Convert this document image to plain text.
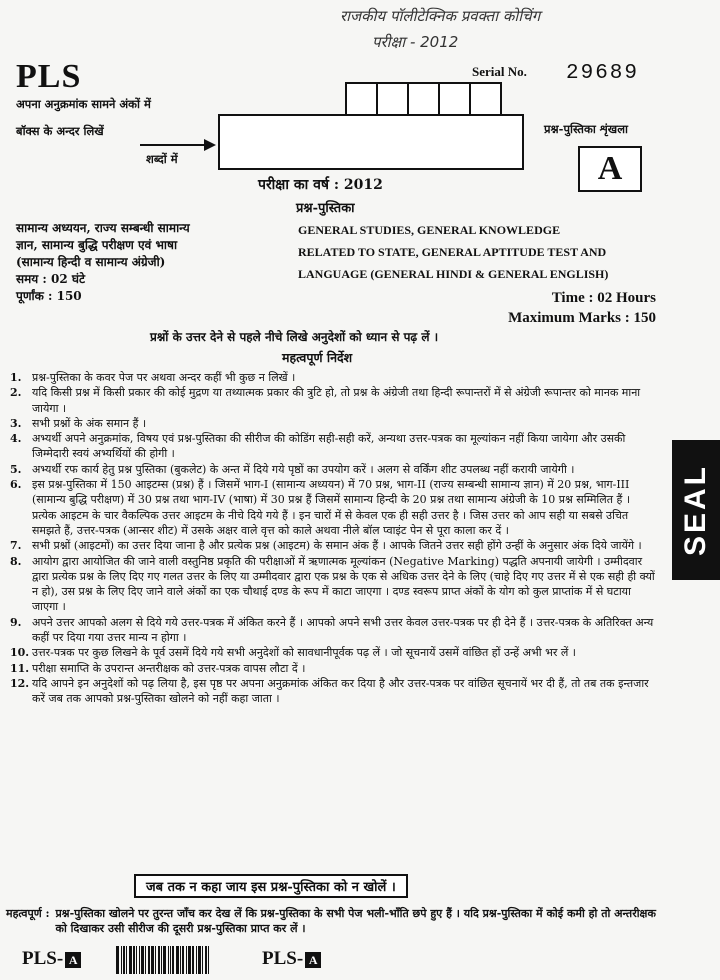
राजकीय पॉलीटेक्निक प्रवक्ता कोचिंग
परीक्षा - 2012
PLS
अपना अनुक्रमांक सामने अंकों में
बॉक्स के अन्दर लिखें
Serial No. 29689
शब्दों में
प्रश्न-पुस्तिका शृंखला
A
परीक्षा का वर्ष : 2012
प्रश्न-पुस्तिका
सामान्य अध्ययन, राज्य सम्बन्धी सामान्य
ज्ञान, सामान्य बुद्धि परीक्षण एवं भाषा
(सामान्य हिन्दी व सामान्य अंग्रेजी)
समय : 02 घंटे
पूर्णांक : 150
GENERAL STUDIES, GENERAL KNOWLEDGE
RELATED TO STATE, GENERAL APTITUDE TEST AND
LANGUAGE (GENERAL HINDI & GENERAL ENGLISH)
Time : 02 Hours
Maximum Marks : 150
प्रश्नों के उत्तर देने से पहले नीचे लिखे अनुदेशों को ध्यान से पढ़ लें ।
महत्वपूर्ण निर्देश
1. प्रश्न-पुस्तिका के कवर पेज पर अथवा अन्दर कहीं भी कुछ न लिखें ।
2. यदि किसी प्रश्न में किसी प्रकार की कोई मुद्रण या तथ्यात्मक प्रकार की त्रुटि हो, तो प्रश्न के अंग्रेजी तथा हिन्दी रूपान्तरों में से अंग्रेजी रूपान्तर को मानक माना जायेगा ।
3. सभी प्रश्नों के अंक समान हैं ।
4. अभ्यर्थी अपने अनुक्रमांक, विषय एवं प्रश्न-पुस्तिका की सीरीज की कोडिंग सही-सही करें, अन्यथा उत्तर-पत्रक का मूल्यांकन नहीं किया जायेगा और उसकी जिम्मेदारी स्वयं अभ्यर्थियों की होगी ।
5. अभ्यर्थी रफ कार्य हेतु प्रश्न पुस्तिका (बुकलेट) के अन्त में दिये गये पृष्ठों का उपयोग करें । अलग से वर्किंग शीट उपलब्ध नहीं करायी जायेगी ।
6. इस प्रश्न-पुस्तिका में 150 आइटम्स (प्रश्न) हैं । जिसमें भाग-I (सामान्य अध्ययन) में 70 प्रश्न, भाग-II (राज्य सम्बन्धी सामान्य ज्ञान) में 20 प्रश्न, भाग-III (सामान्य बुद्धि परीक्षण) में 30 प्रश्न तथा भाग-IV (भाषा) में 30 प्रश्न हैं जिसमें सामान्य हिन्दी के 20 प्रश्न तथा सामान्य अंग्रेजी के 10 प्रश्न सम्मिलित हैं । प्रत्येक आइटम के चार वैकल्पिक उत्तर आइटम के नीचे दिये गये हैं । इन चारों में से केवल एक ही सही उत्तर है । जिस उत्तर को आप सही या सबसे उचित समझते हैं, उत्तर-पत्रक (आन्सर शीट) में उसके अक्षर वाले वृत्त को काले अथवा नीले बॉल प्वाइंट पेन से पूरा काला कर दें ।
7. सभी प्रश्नों (आइटमों) का उत्तर दिया जाना है और प्रत्येक प्रश्न (आइटम) के समान अंक हैं । आपके जितने उत्तर सही होंगे उन्हीं के अनुसार अंक दिये जायेंगे ।
8. आयोग द्वारा आयोजित की जाने वाली वस्तुनिष्ठ प्रकृति की परीक्षाओं में ऋणात्मक मूल्यांकन (Negative Marking) पद्धति अपनायी जायेगी । उम्मीदवार द्वारा प्रत्येक प्रश्न के लिए दिए गए गलत उत्तर के लिए या उम्मीदवार द्वारा एक प्रश्न के एक से अधिक उत्तर देने के लिए (चाहे दिए गए उत्तर में से एक सही ही क्यों न हो), उस प्रश्न के लिए दिए जाने वाले अंकों का एक चौथाई दण्ड के रूप में काटा जाएगा । दण्ड स्वरूप प्राप्त अंकों के योग को कुल प्राप्तांक में से घटाया जाएगा ।
9. अपने उत्तर आपको अलग से दिये गये उत्तर-पत्रक में अंकित करने हैं । आपको अपने सभी उत्तर केवल उत्तर-पत्रक पर ही देने हैं । उत्तर-पत्रक के अतिरिक्त अन्य कहीं पर दिया गया उत्तर मान्य न होगा ।
10. उत्तर-पत्रक पर कुछ लिखने के पूर्व उसमें दिये गये सभी अनुदेशों को सावधानीपूर्वक पढ़ लें । जो सूचनायें उसमें वांछित हों उन्हें अभी भर लें ।
11. परीक्षा समाप्ति के उपरान्त अन्तरीक्षक को उत्तर-पत्रक वापस लौटा दें ।
12. यदि आपने इन अनुदेशों को पढ़ लिया है, इस पृष्ठ पर अपना अनुक्रमांक अंकित कर दिया है और उत्तर-पत्रक पर वांछित सूचनायें भर दी हैं, तो तब तक इन्तजार करें जब तक आपको प्रश्न-पुस्तिका खोलने को नहीं कहा जाता ।
जब तक न कहा जाय इस प्रश्न-पुस्तिका को न खोलें ।
महत्वपूर्ण : प्रश्न-पुस्तिका खोलने पर तुरन्त जाँच कर देख लें कि प्रश्न-पुस्तिका के सभी पेज भली-भाँति छपे हुए हैं । यदि प्रश्न-पुस्तिका में कोई कमी हो तो अन्तरीक्षक को दिखाकर उसी सीरीज की दूसरी प्रश्न-पुस्तिका प्राप्त कर लें ।
SEAL
PLS- A	PLS- A
